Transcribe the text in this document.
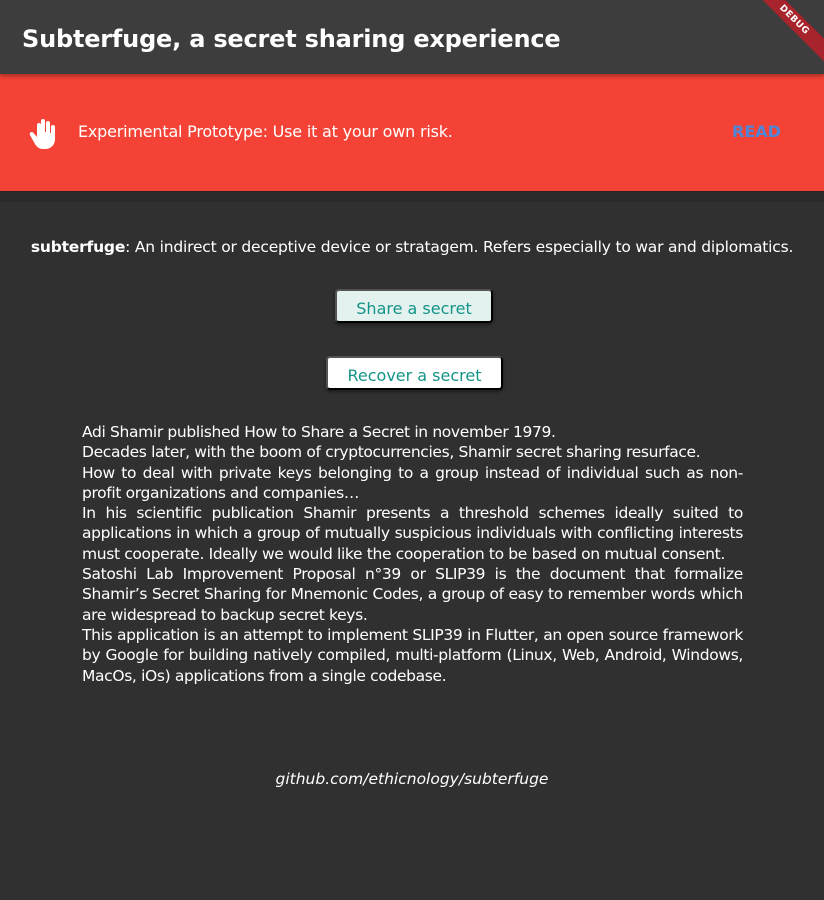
Subterfuge, a secret sharing experience
DEBUG
Experimental Prototype: Use it at your own risk.	READ
subterfuge: An indirect or deceptive device or stratagem. Refers especially to war and diplomatics.
Share a secret
Recover a secret

Adi Shamir published How to Share a Secret in november 1979.

Decades later, with the boom of cryptocurrencies, Shamir secret sharing resurface.

How to deal with private keys belonging to a group instead of individual such as non-profit organizations and companies…

In his scientific publication Shamir presents a threshold schemes ideally suited to applications in which a group of mutually suspicious individuals with conflicting interests must cooperate. Ideally we would like the cooperation to be based on mutual consent.

Satoshi Lab Improvement Proposal n°39 or SLIP39 is the document that formalize Shamir’s Secret Sharing for Mnemonic Codes, a group of easy to remember words which are widespread to backup secret keys.

This application is an attempt to implement SLIP39 in Flutter, an open source framework by Google for building natively compiled, multi-platform (Linux, Web, Android, Windows, MacOs, iOs) applications from a single codebase.

github.com/ethicnology/subterfuge
